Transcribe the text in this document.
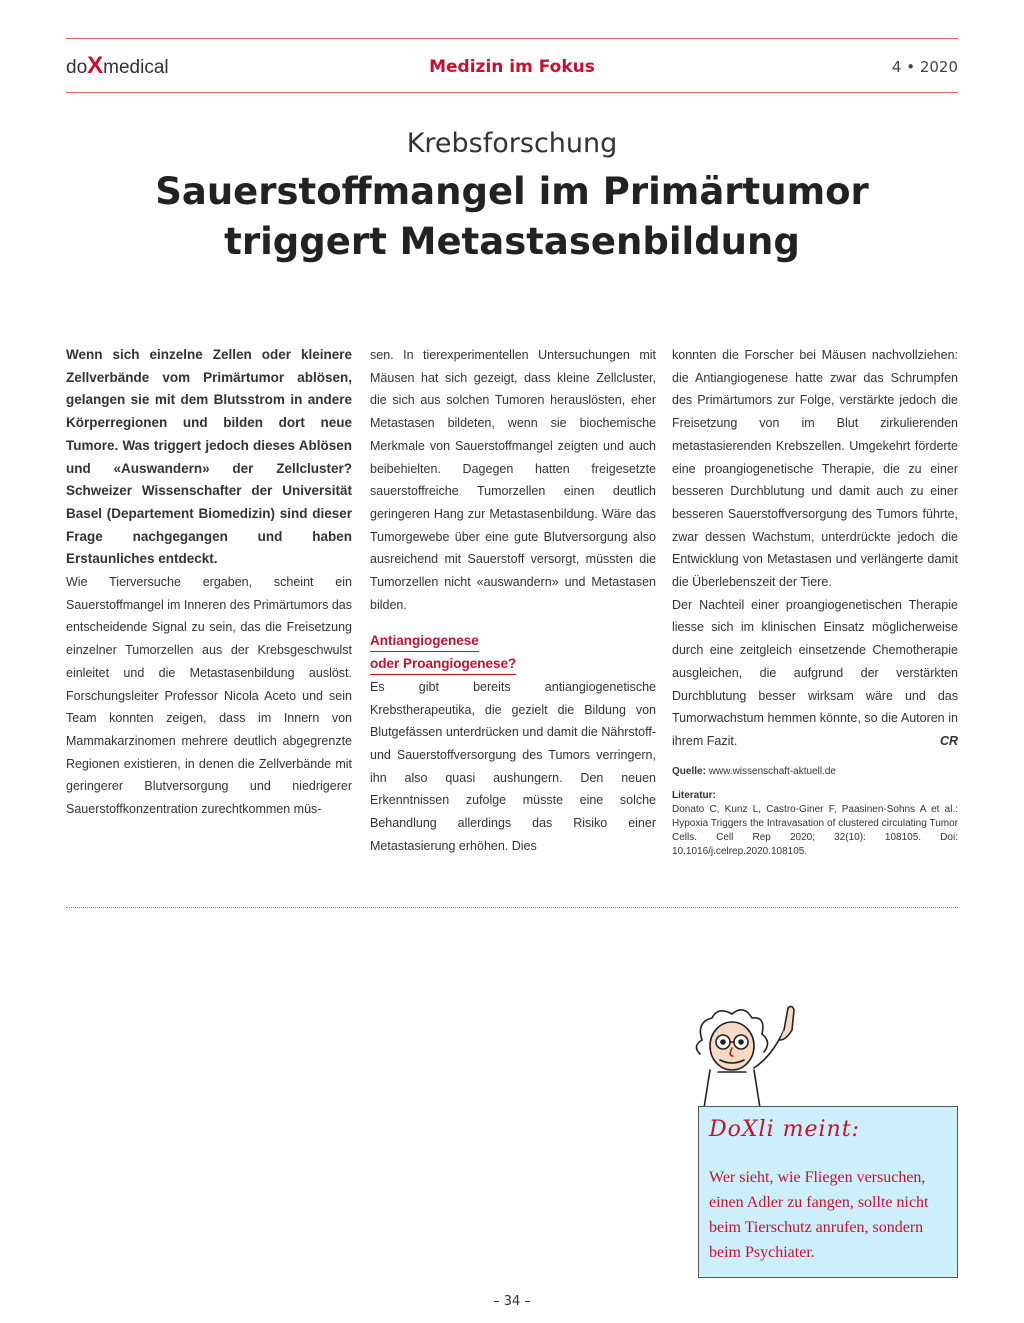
doXmedical	Medizin im Fokus	4 • 2020
Krebsforschung
Sauerstoffmangel im Primärtumor
triggert Metastasenbildung

Wenn sich einzelne Zellen oder kleinere Zellverbände vom Primärtumor ablösen, gelangen sie mit dem Blutsstrom in andere Körperregionen und bilden dort neue Tumore. Was triggert jedoch dieses Ablösen und «Auswandern» der Zellcluster? Schweizer Wissenschafter der Universität Basel (Departement Biomedizin) sind dieser Frage nachgegangen und haben Erstaunliches entdeckt.

Wie Tierversuche ergaben, scheint ein Sauerstoffmangel im Inneren des Primärtumors das entscheidende Signal zu sein, das die Freisetzung einzelner Tumorzellen aus der Krebsgeschwulst einleitet und die Metastasenbildung auslöst. Forschungsleiter Professor Nicola Aceto und sein Team konnten zeigen, dass im Innern von Mammakarzinomen mehrere deutlich abgegrenzte Regionen existieren, in denen die Zellverbände mit geringerer Blutversorgung und niedrigerer Sauerstoffkonzentration zurechtkommen müs-

sen. In tierexperimentellen Untersuchungen mit Mäusen hat sich gezeigt, dass kleine Zellcluster, die sich aus solchen Tumoren herauslösten, eher Metastasen bildeten, wenn sie biochemische Merkmale von Sauerstoffmangel zeigten und auch beibehielten. Dagegen hatten freigesetzte sauerstoffreiche Tumorzellen einen deutlich geringeren Hang zur Metastasenbildung. Wäre das Tumorgewebe über eine gute Blutversorgung also ausreichend mit Sauerstoff versorgt, müssten die Tumorzellen nicht «auswandern» und Metastasen bilden.

Antiangiogenese
oder Proangiogenese?

Es gibt bereits antiangiogenetische Krebstherapeutika, die gezielt die Bildung von Blutgefässen unterdrücken und damit die Nährstoff- und Sauerstoffversorgung des Tumors verringern, ihn also quasi aushungern. Den neuen Erkenntnissen zufolge müsste eine solche Behandlung allerdings das Risiko einer Metastasierung erhöhen. Dies

konnten die Forscher bei Mäusen nachvollziehen: die Antiangiogenese hatte zwar das Schrumpfen des Primärtumors zur Folge, verstärkte jedoch die Freisetzung von im Blut zirkulierenden metastasierenden Krebszellen. Umgekehrt förderte eine proangiogenetische Therapie, die zu einer besseren Durchblutung und damit auch zu einer besseren Sauerstoffversorgung des Tumors führte, zwar dessen Wachstum, unterdrückte jedoch die Entwicklung von Metastasen und verlängerte damit die Überlebenszeit der Tiere.

Der Nachteil einer proangiogenetischen Therapie liesse sich im klinischen Einsatz möglicherweise durch eine zeitgleich einsetzende Chemotherapie ausgleichen, die aufgrund der verstärkten Durchblutung besser wirksam wäre und das Tumorwachstum hemmen könnte, so die Autoren in ihrem Fazit.	CR

Quelle: www.wissenschaft-aktuell.de

Literatur:
Donato C, Kunz L, Castro-Giner F, Paasinen-Sohns A et al.: Hypoxia Triggers the Intravasation of clustered circulating Tumor Cells. Cell Rep 2020; 32(10): 108105. Doi: 10.1016/j.celrep.2020.108105.

DoXli meint:
Wer sieht, wie Fliegen versuchen, einen Adler zu fangen, sollte nicht beim Tierschutz anrufen, sondern beim Psychiater.
– 34 –
